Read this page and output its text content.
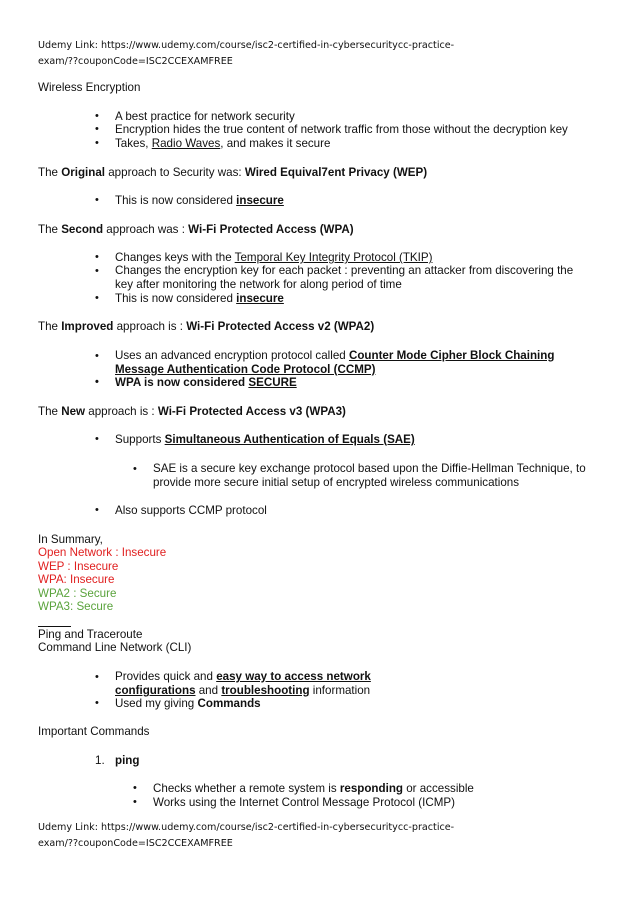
Udemy Link: https://www.udemy.com/course/isc2-certified-in-cybersecuritycc-practice-
exam/??couponCode=ISC2CCEXAMFREE
Wireless Encryption
• A best practice for network security
• Encryption hides the true content of network traffic from those without the decryption key
• Takes, Radio Waves, and makes it secure
The Original approach to Security was: Wired Equival7ent Privacy (WEP)
• This is now considered insecure
The Second approach was : Wi-Fi Protected Access (WPA)
• Changes keys with the Temporal Key Integrity Protocol (TKIP)
• Changes the encryption key for each packet : preventing an attacker from discovering the key after monitoring the network for along period of time
• This is now considered insecure
The Improved approach is : Wi-Fi Protected Access v2 (WPA2)
• Uses an advanced encryption protocol called Counter Mode Cipher Block Chaining Message Authentication Code Protocol (CCMP)
• WPA is now considered SECURE
The New approach is : Wi-Fi Protected Access v3 (WPA3)
• Supports Simultaneous Authentication of Equals (SAE)
• SAE is a secure key exchange protocol based upon the Diffie-Hellman Technique, to provide more secure initial setup of encrypted wireless communications
• Also supports CCMP protocol
In Summary,
Open Network : Insecure
WEP : Insecure
WPA: Insecure
WPA2 : Secure
WPA3: Secure
Ping and Traceroute
Command Line Network (CLI)
• Provides quick and easy way to access network configurations and troubleshooting information
• Used my giving Commands
Important Commands
1. ping
• Checks whether a remote system is responding or accessible
• Works using the Internet Control Message Protocol (ICMP)
Udemy Link: https://www.udemy.com/course/isc2-certified-in-cybersecuritycc-practice-
exam/??couponCode=ISC2CCEXAMFREE
